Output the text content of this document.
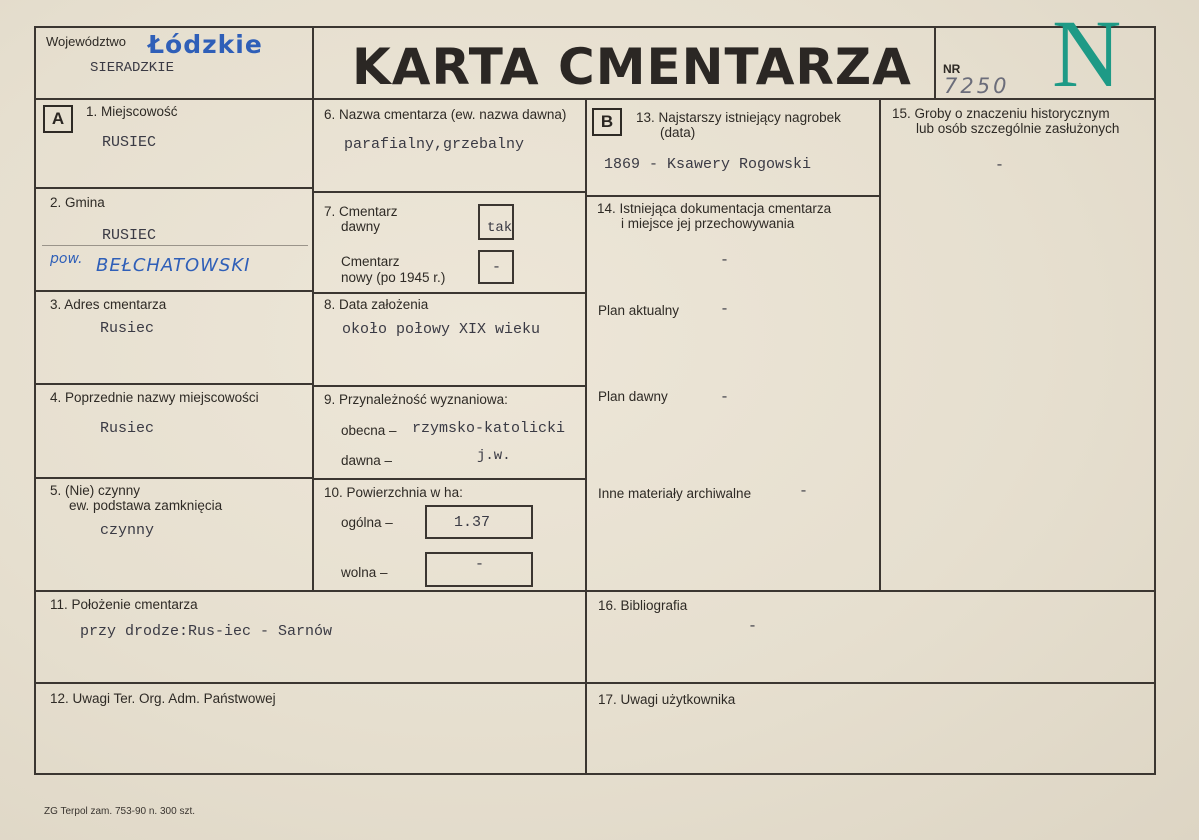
Województwo Łódzkie
SIERADZKIE	KARTA CMENTARZA	NR
7250 N
A	B
1. Miejscowość
RUSIEC
2. Gmina
RUSIEC
pow. BEŁCHATOWSKI
3. Adres cmentarza
Rusiec
4. Poprzednie nazwy miejscowości
Rusiec
5. (Nie) czynny
ew. podstawa zamknięcia
czynny
6. Nazwa cmentarza (ew. nazwa dawna)
parafialny,grzebalny
7. Cmentarz
dawny	tak
Cmentarz
nowy (po 1945 r.)
-
8. Data założenia
około połowy XIX wieku
9. Przynależność wyznaniowa:
obecna – rzymsko-katolicki
dawna –	j.w.
10. Powierzchnia w ha:
ogólna –	1.37
wolna –	-
13. Najstarszy istniejący nagrobek
(data)
1869 - Ksawery Rogowski
14. Istniejąca dokumentacja cmentarza
i miejsce jej przechowywania
-
Plan aktualny	-
Plan dawny	-
Inne materiały archiwalne	-
15. Groby o znaczeniu historycznym
lub osób szczególnie zasłużonych
-
11. Położenie cmentarza
przy drodze:Rus-iec - Sarnów
16. Bibliografia
-
12. Uwagi Ter. Org. Adm. Państwowej	17. Uwagi użytkownika
ZG Terpol zam. 753-90 n. 300 szt.
